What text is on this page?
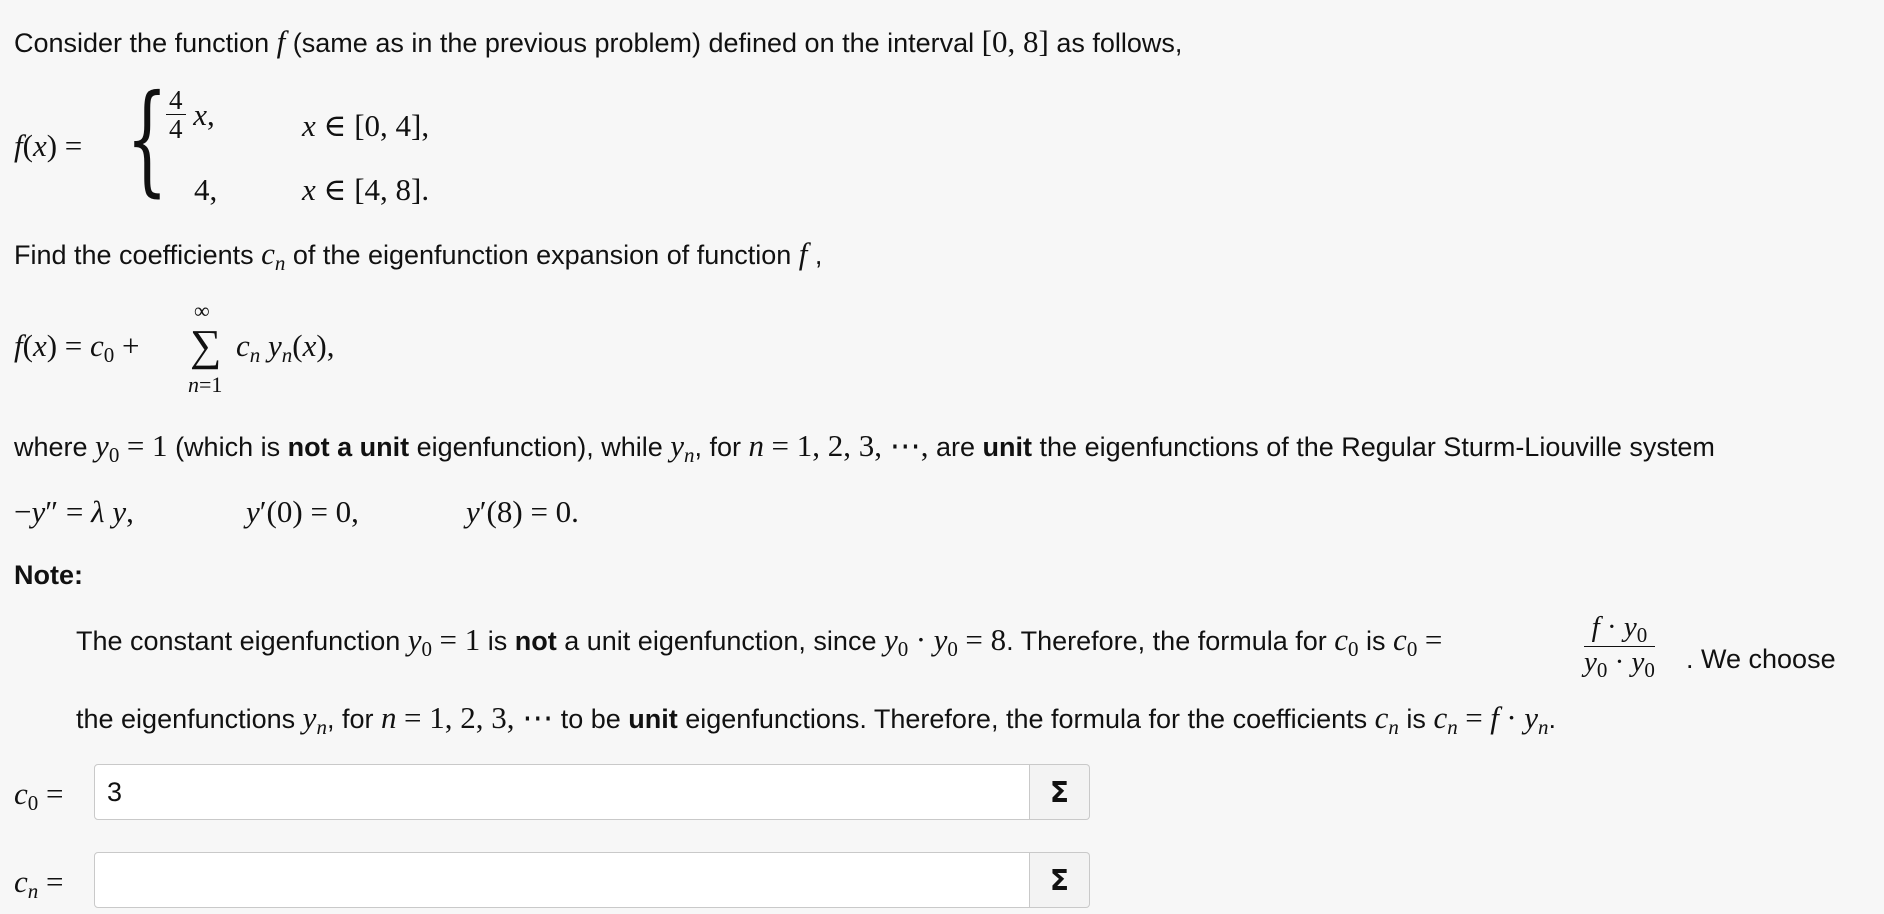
Consider the function f (same as in the previous problem) defined on the interval [0, 8] as follows,
f(x) = {
$\frac{4}{4} x$,	x ∈ [0, 4],
4,	x ∈ [4, 8].
Find the coefficients cn of the eigenfunction expansion of function f ,
$f(x) = c_0$ +
∞
∑
n=1
cn yn(x),
where $y_0 = 1$ (which is not a unit eigenfunction), while yn, for n = 1, 2, 3, ⋯, are unit the eigenfunctions of the Regular Sturm-Liouville system
−y″ = λ y,	y′(0) = 0,	y′(8) = 0.
Note:
The constant eigenfunction $y_0 = 1$ is not a unit eigenfunction, since $y_0 \cdot y_0 = 8$. Therefore, the formula for $c_0$ is $c_0$ =	$\frac{f \cdot y_0}{y_0 \cdot y_0}$ . We choose
the eigenfunctions yn, for n = 1, 2, 3, ⋯ to be unit eigenfunctions. Therefore, the formula for the coefficients cn is cn = f · yn.
$c_0$ =
3	Σ
cn =	Σ
